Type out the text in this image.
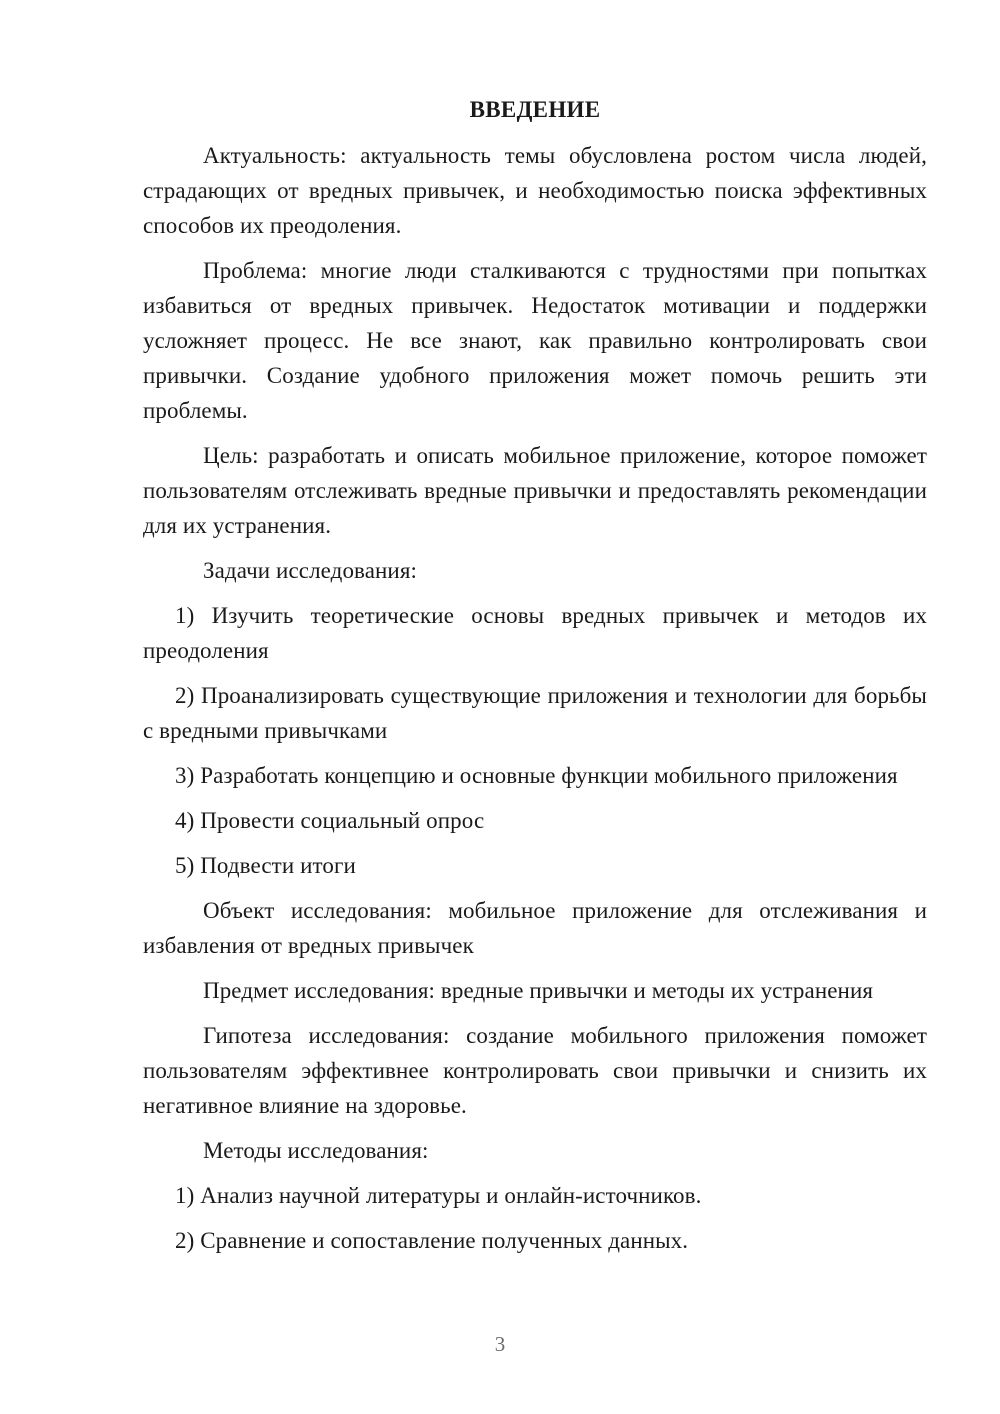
ВВЕДЕНИЕ

Актуальность: актуальность темы обусловлена ростом числа людей, страдающих от вредных привычек, и необходимостью поиска эффективных способов их преодоления.

Проблема: многие люди сталкиваются с трудностями при попытках избавиться от вредных привычек. Недостаток мотивации и поддержки усложняет процесс. Не все знают, как правильно контролировать свои привычки. Создание удобного приложения может помочь решить эти проблемы.

Цель: разработать и описать мобильное приложение, которое поможет пользователям отслеживать вредные привычки и предоставлять рекомендации для их устранения.

Задачи исследования:

1) Изучить теоретические основы вредных привычек и методов их преодоления

2) Проанализировать существующие приложения и технологии для борьбы с вредными привычками

3) Разработать концепцию и основные функции мобильного приложения

4) Провести социальный опрос

5) Подвести итоги

Объект исследования: мобильное приложение для отслеживания и избавления от вредных привычек

Предмет исследования: вредные привычки и методы их устранения

Гипотеза исследования: создание мобильного приложения поможет пользователям эффективнее контролировать свои привычки и снизить их негативное влияние на здоровье.

Методы исследования:

1) Анализ научной литературы и онлайн-источников.

2) Сравнение и сопоставление полученных данных.

3
